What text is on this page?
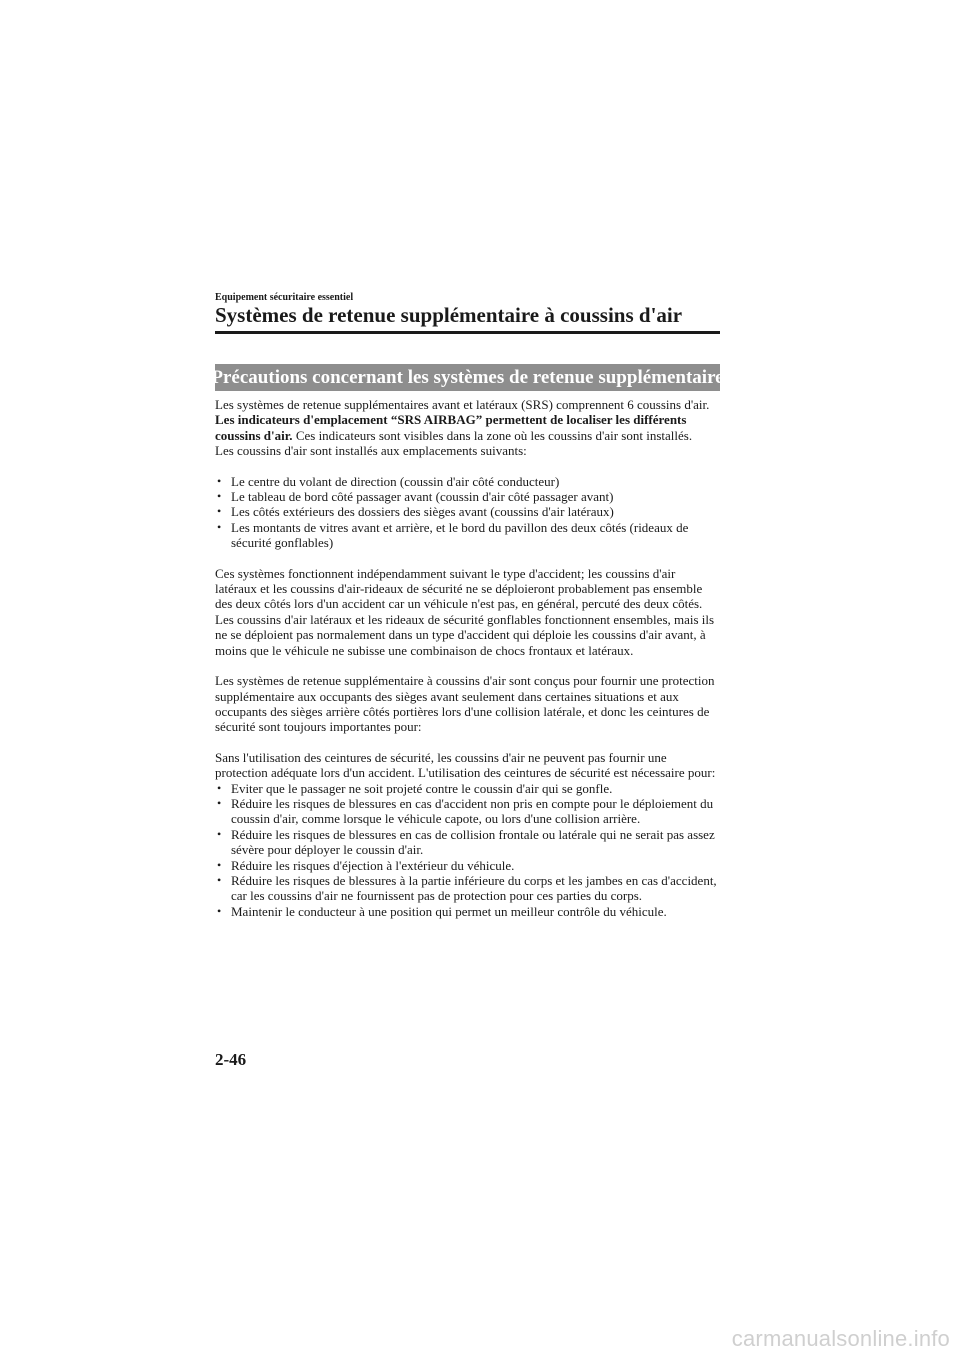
Equipement sécuritaire essentiel
Systèmes de retenue supplémentaire à coussins d'air
Précautions concernant les systèmes de retenue supplémentaire

Les systèmes de retenue supplémentaires avant et latéraux (SRS) comprennent 6 coussins d'air. Les indicateurs d'emplacement “SRS AIRBAG” permettent de localiser les différents coussins d'air. Ces indicateurs sont visibles dans la zone où les coussins d'air sont installés.

Les coussins d'air sont installés aux emplacements suivants:

• Le centre du volant de direction (coussin d'air côté conducteur)
• Le tableau de bord côté passager avant (coussin d'air côté passager avant)
• Les côtés extérieurs des dossiers des sièges avant (coussins d'air latéraux)
• Les montants de vitres avant et arrière, et le bord du pavillon des deux côtés (rideaux de sécurité gonflables)

Ces systèmes fonctionnent indépendamment suivant le type d'accident; les coussins d'air latéraux et les coussins d'air-rideaux de sécurité ne se déploieront probablement pas ensemble des deux côtés lors d'un accident car un véhicule n'est pas, en général, percuté des deux côtés. Les coussins d'air latéraux et les rideaux de sécurité gonflables fonctionnent ensembles, mais ils ne se déploient pas normalement dans un type d'accident qui déploie les coussins d'air avant, à moins que le véhicule ne subisse une combinaison de chocs frontaux et latéraux.

Les systèmes de retenue supplémentaire à coussins d'air sont conçus pour fournir une protection supplémentaire aux occupants des sièges avant seulement dans certaines situations et aux occupants des sièges arrière côtés portières lors d'une collision latérale, et donc les ceintures de sécurité sont toujours importantes pour:

Sans l'utilisation des ceintures de sécurité, les coussins d'air ne peuvent pas fournir une protection adéquate lors d'un accident. L'utilisation des ceintures de sécurité est nécessaire pour:

• Eviter que le passager ne soit projeté contre le coussin d'air qui se gonfle.
• Réduire les risques de blessures en cas d'accident non pris en compte pour le déploiement du coussin d'air, comme lorsque le véhicule capote, ou lors d'une collision arrière.
• Réduire les risques de blessures en cas de collision frontale ou latérale qui ne serait pas assez sévère pour déployer le coussin d'air.
• Réduire les risques d'éjection à l'extérieur du véhicule.
• Réduire les risques de blessures à la partie inférieure du corps et les jambes en cas d'accident, car les coussins d'air ne fournissent pas de protection pour ces parties du corps.
• Maintenir le conducteur à une position qui permet un meilleur contrôle du véhicule.
2-46
carmanualsonline.info
